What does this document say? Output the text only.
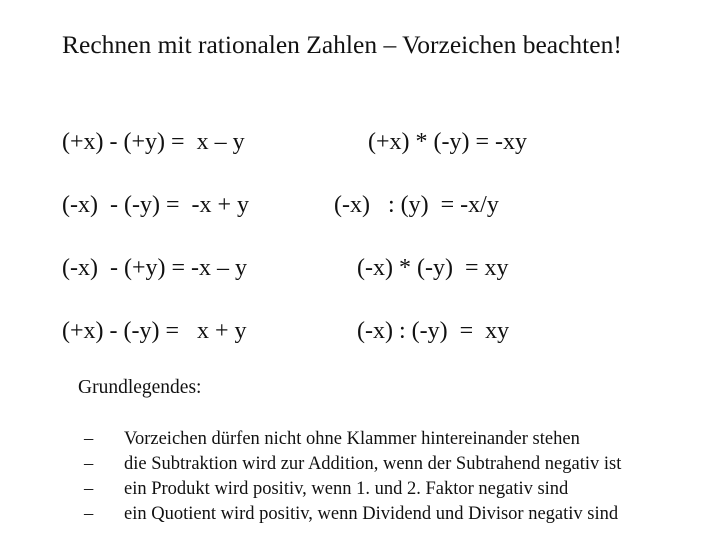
Rechnen mit rationalen Zahlen – Vorzeichen beachten!
(+x) - (+y) =  x – y	(+x) * (-y) = -xy
(-x)  - (-y) =  -x + y	(-x)   : (y)  = -x/y
(-x)  - (+y) = -x – y	(-x) * (-y)  = xy
(+x) - (-y) =   x + y	(-x) : (-y)  =  xy
Grundlegendes:
– Vorzeichen dürfen nicht ohne Klammer hintereinander stehen
– die Subtraktion wird zur Addition, wenn der Subtrahend negativ ist
– ein Produkt wird positiv, wenn 1. und 2. Faktor negativ sind
– ein Quotient wird positiv, wenn Dividend und Divisor negativ sind
